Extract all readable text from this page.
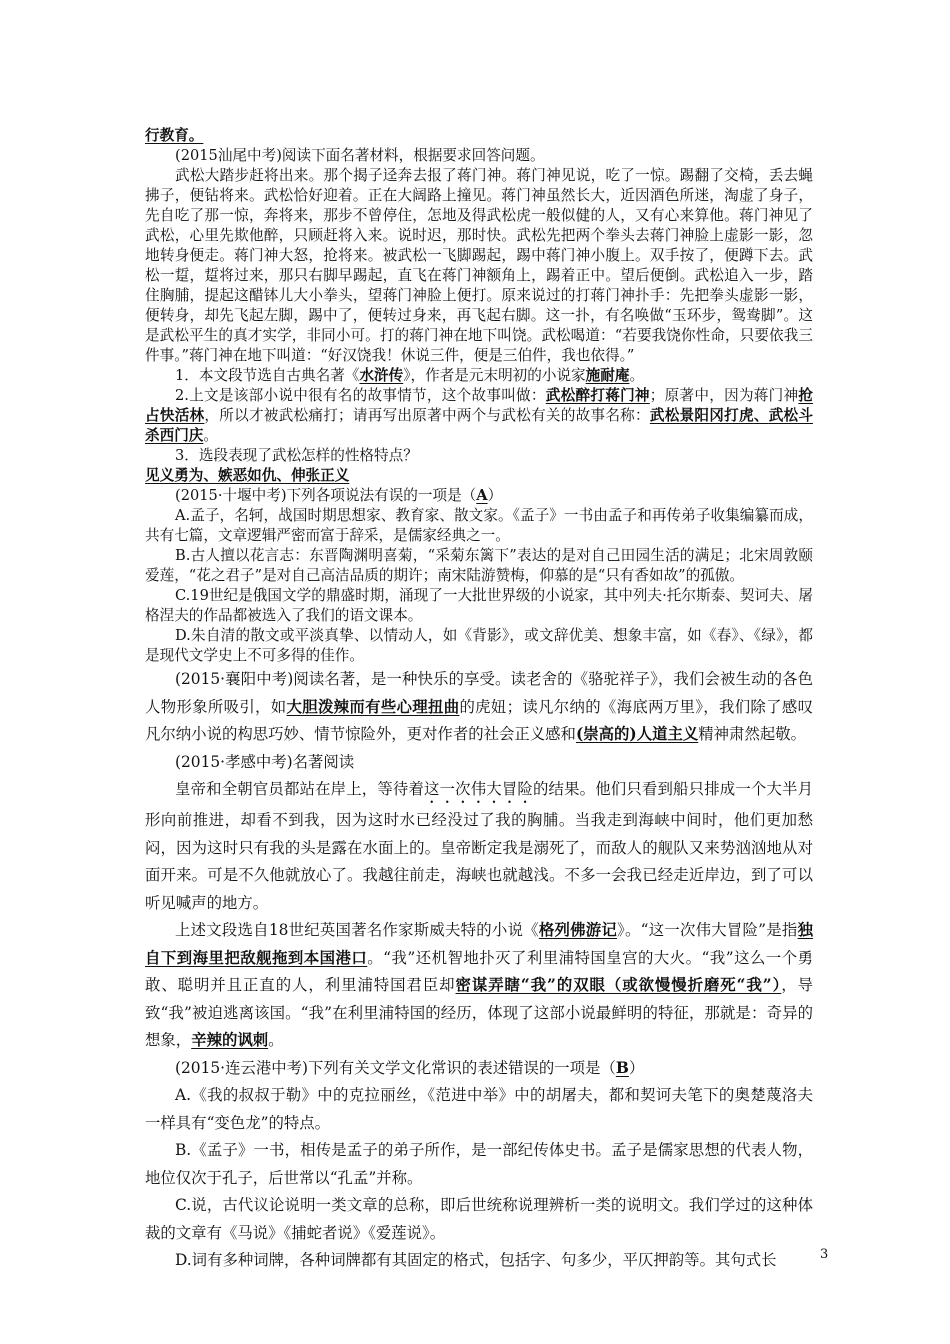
行教育。

(2015汕尾中考)阅读下面名著材料，根据要求回答问题。

武松大踏步赶将出来。那个揭子迳奔去报了蒋门神。蒋门神见说，吃了一惊。踢翻了交椅，丢去蝇拂子，便钻将来。武松恰好迎着。正在大阔路上撞见。蒋门神虽然长大，近因酒色所迷，淘虚了身子，先自吃了那一惊，奔将来，那步不曾停住，怎地及得武松虎一般似健的人，又有心来算他。蒋门神见了武松，心里先欺他醉，只顾赶将入来。说时迟，那时快。武松先把两个拳头去蒋门神脸上虚影一影，忽地转身便走。蒋门神大怒，抢将来。被武松一飞脚踢起，踢中蒋门神小腹上。双手按了，便蹲下去。武松一踅，踅将过来，那只右脚早踢起，直飞在蒋门神额角上，踢着正中。望后便倒。武松追入一步，踏住胸脯，提起这醋钵儿大小拳头，望蒋门神脸上便打。原来说过的打蒋门神扑手：先把拳头虚影一影，便转身，却先飞起左脚，踢中了，便转过身来，再飞起右脚。这一扑，有名唤做“玉环步，鸳鸯脚”。这是武松平生的真才实学，非同小可。打的蒋门神在地下叫饶。武松喝道：“若要我饶你性命，只要依我三件事。”蒋门神在地下叫道：“好汉饶我！休说三件，便是三伯件，我也依得。”

1．本文段节选自古典名著《水浒传》，作者是元末明初的小说家施耐庵。

2.上文是该部小说中很有名的故事情节，这个故事叫做：武松醉打蒋门神；原著中，因为蒋门神抢占快活林，所以才被武松痛打；请再写出原著中两个与武松有关的故事名称：武松景阳冈打虎、武松斗杀西门庆。

3．选段表现了武松怎样的性格特点？

见义勇为、嫉恶如仇、伸张正义

(2015·十堰中考)下列各项说法有误的一项是（A）

A.孟子，名轲，战国时期思想家、教育家、散文家。《孟子》一书由孟子和再传弟子收集编纂而成，共有七篇，文章逻辑严密而富于辞采，是儒家经典之一。

B.古人擅以花言志：东晋陶渊明喜菊，“采菊东篱下”表达的是对自己田园生活的满足；北宋周敦颐爱莲，“花之君子”是对自己高洁品质的期许；南宋陆游赞梅，仰慕的是“只有香如故”的孤傲。

C.19世纪是俄国文学的鼎盛时期，涌现了一大批世界级的小说家，其中列夫·托尔斯泰、契诃夫、屠格涅夫的作品都被选入了我们的语文课本。

D.朱自清的散文或平淡真挚、以情动人，如《背影》，或文辞优美、想象丰富，如《春》、《绿》，都是现代文学史上不可多得的佳作。

(2015·襄阳中考)阅读名著，是一种快乐的享受。读老舍的《骆驼祥子》，我们会被生动的各色人物形象所吸引，如大胆泼辣而有些心理扭曲的虎妞；读凡尔纳的《海底两万里》，我们除了感叹凡尔纳小说的构思巧妙、情节惊险外，更对作者的社会正义感和(崇高的)人道主义精神肃然起敬。

(2015·孝感中考)名著阅读

皇帝和全朝官员都站在岸上，等待着这一次伟大冒险的结果。他们只看到船只排成一个大半月形向前推进，却看不到我，因为这时水已经没过了我的胸脯。当我走到海峡中间时，他们更加愁闷，因为这时只有我的头是露在水面上的。皇帝断定我是溺死了，而敌人的舰队又来势汹汹地从对面开来。可是不久他就放心了。我越往前走，海峡也就越浅。不多一会我已经走近岸边，到了可以听见喊声的地方。

上述文段选自18世纪英国著名作家斯威夫特的小说《格列佛游记》。“这一次伟大冒险”是指独自下到海里把敌舰拖到本国港口。“我”还机智地扑灭了利里浦特国皇宫的大火。“我”这么一个勇敢、聪明并且正直的人，利里浦特国君臣却密谋弄瞎“我”的双眼（或欲慢慢折磨死“我”），导致“我”被迫逃离该国。“我”在利里浦特国的经历，体现了这部小说最鲜明的特征，那就是：奇异的想象，辛辣的讽刺。

(2015·连云港中考)下列有关文学文化常识的表述错误的一项是（B）

A.《我的叔叔于勒》中的克拉丽丝，《范进中举》中的胡屠夫，都和契诃夫笔下的奥楚蔑洛夫一样具有“变色龙”的特点。

B.《孟子》一书，相传是孟子的弟子所作，是一部纪传体史书。孟子是儒家思想的代表人物，地位仅次于孔子，后世常以“孔孟”并称。

C.说，古代议论说明一类文章的总称，即后世统称说理辨析一类的说明文。我们学过的这种体裁的文章有《马说》《捕蛇者说》《爱莲说》。

D.词有多种词牌，各种词牌都有其固定的格式，包括字、句多少，平仄押韵等。其句式长	3
